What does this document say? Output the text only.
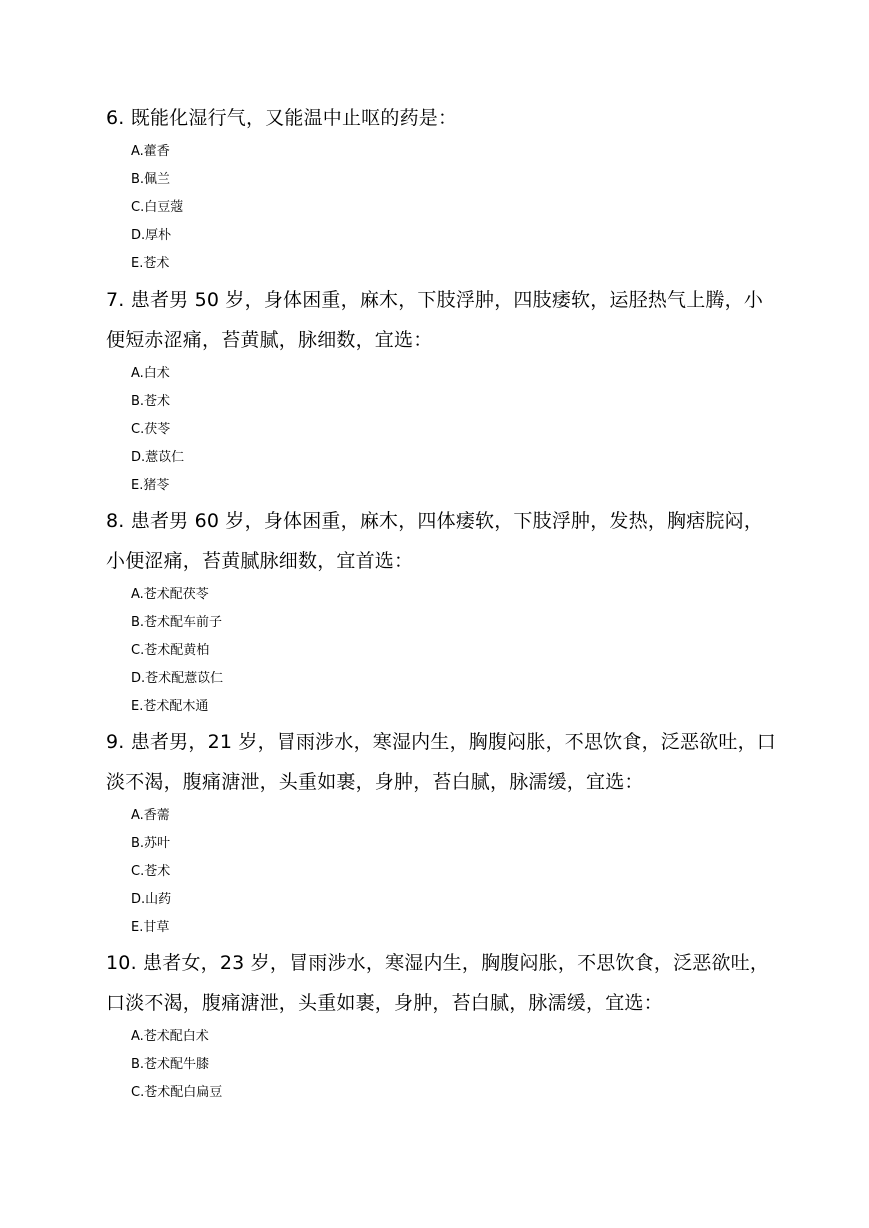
6. 既能化湿行气，又能温中止呕的药是：

A.藿香
B.佩兰
C.白豆蔻
D.厚朴
E.苍术

7. 患者男 50 岁，身体困重，麻木，下肢浮肿，四肢痿软，运胫热气上腾，小便短赤涩痛，苔黄腻，脉细数，宜选：

A.白术
B.苍术
C.茯苓
D.薏苡仁
E.猪苓

8. 患者男 60 岁，身体困重，麻木，四体痿软，下肢浮肿，发热，胸痞脘闷，小便涩痛，苔黄腻脉细数，宜首选：

A.苍术配茯苓
B.苍术配车前子
C.苍术配黄柏
D.苍术配薏苡仁
E.苍术配木通

9. 患者男，21 岁，冒雨涉水，寒湿内生，胸腹闷胀，不思饮食，泛恶欲吐，口淡不渴，腹痛溏泄，头重如裹，身肿，苔白腻，脉濡缓，宜选：

A.香薷
B.苏叶
C.苍术
D.山药
E.甘草

10. 患者女，23 岁，冒雨涉水，寒湿内生，胸腹闷胀，不思饮食，泛恶欲吐，口淡不渴，腹痛溏泄，头重如裹，身肿，苔白腻，脉濡缓，宜选：

A.苍术配白术
B.苍术配牛膝
C.苍术配白扁豆
